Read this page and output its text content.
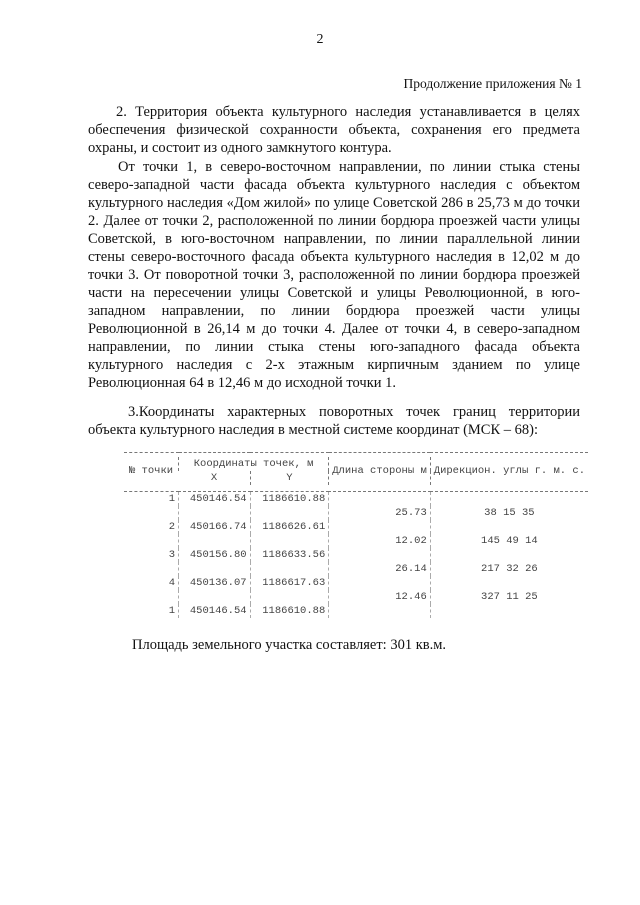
2
Продолжение приложения № 1
2. Территория объекта культурного наследия устанавливается в целях обеспечения физической сохранности объекта, сохранения его предмета охраны, и состоит из одного замкнутого контура.
От точки 1, в северо-восточном направлении, по линии стыка стены северо-западной части фасада объекта культурного наследия с объектом культурного наследия «Дом жилой» по улице Советской 286 в 25,73 м до точки 2. Далее от точки 2, расположенной по линии бордюра проезжей части улицы Советской, в юго-восточном направлении, по линии параллельной линии стены северо-восточного фасада объекта культурного наследия в 12,02 м до точки 3. От поворотной точки 3, расположенной по линии бордюра проезжей части на пересечении улицы Советской и улицы Революционной, в юго-западном направлении, по линии бордюра проезжей части улицы Революционной в 26,14 м до точки 4. Далее от точки 4, в северо-западном направлении, по линии стыка стены юго-западного фасада объекта культурного наследия с 2-х этажным кирпичным зданием по улице Революционная 64 в 12,46 м до исходной точки 1.
3.Координаты характерных поворотных точек границ территории объекта культурного наследия в местной системе координат (МСК – 68):

№ точки	Координаты точек, м		Длина стороны м	Дирекцион. углы г. м. с.
	X	Y		

1	450146.54	1186610.88		
			25.73	38 15 35
2	450166.74	1186626.61		
			12.02	145 49 14
3	450156.80	1186633.56		
			26.14	217 32 26
4	450136.07	1186617.63		
			12.46	327 11 25
1	450146.54	1186610.88		
Площадь земельного участка составляет: 301 кв.м.
